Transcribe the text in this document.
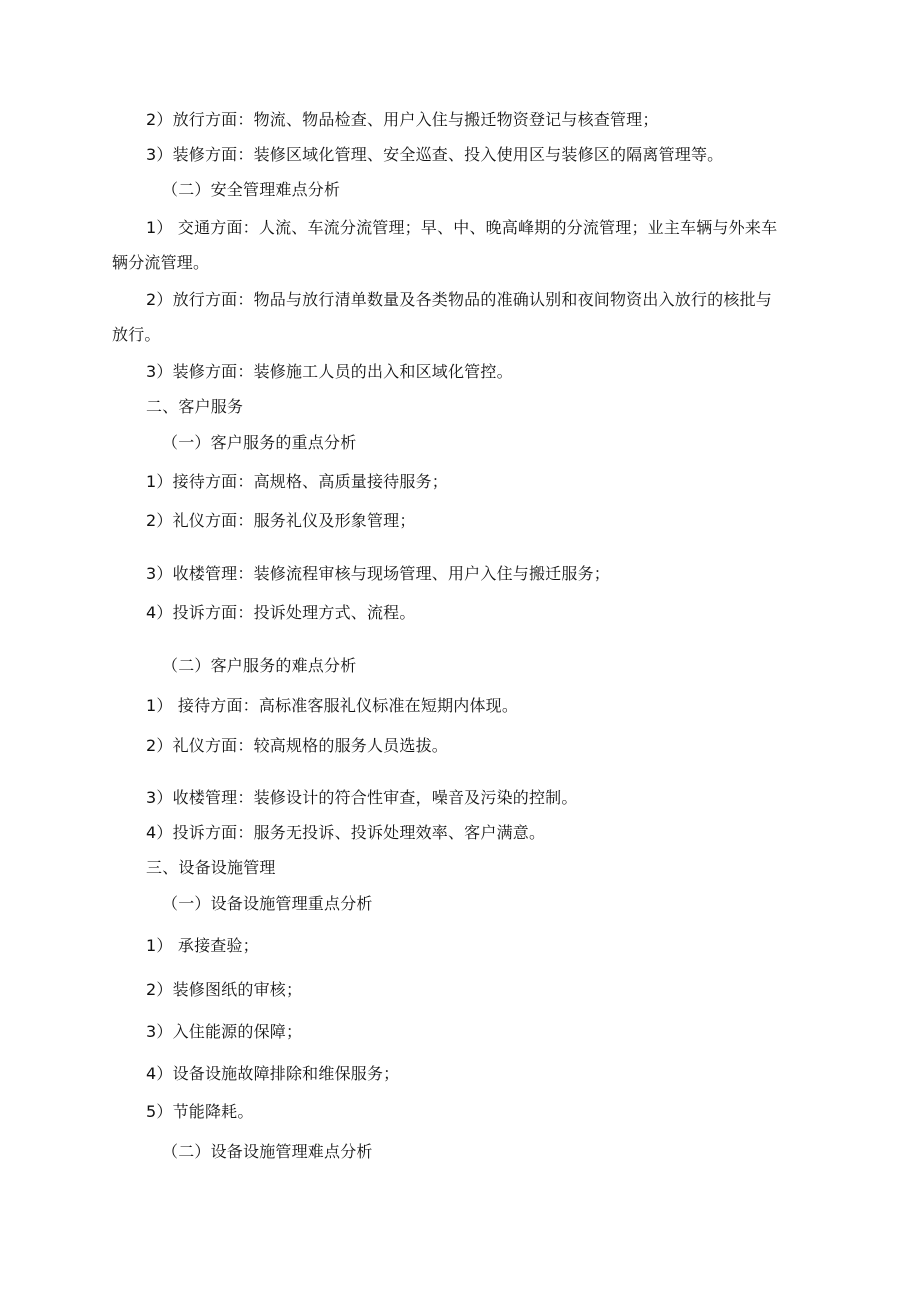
2）放行方面：物流、物品检查、用户入住与搬迁物资登记与核查管理；
3）装修方面：装修区域化管理、安全巡查、投入使用区与装修区的隔离管理等。
（二）安全管理难点分析
1） 交通方面：人流、车流分流管理；早、中、晚高峰期的分流管理；业主车辆与外来车
辆分流管理。
2）放行方面：物品与放行清单数量及各类物品的准确认别和夜间物资出入放行的核批与
放行。
3）装修方面：装修施工人员的出入和区域化管控。
二、客户服务
（一）客户服务的重点分析
1）接待方面：高规格、高质量接待服务；
2）礼仪方面：服务礼仪及形象管理；
3）收楼管理：装修流程审核与现场管理、用户入住与搬迁服务；
4）投诉方面：投诉处理方式、流程。
（二）客户服务的难点分析
1） 接待方面：高标准客服礼仪标准在短期内体现。
2）礼仪方面：较高规格的服务人员选拔。
3）收楼管理：装修设计的符合性审查，噪音及污染的控制。
4）投诉方面：服务无投诉、投诉处理效率、客户满意。
三、设备设施管理
（一）设备设施管理重点分析
1） 承接查验；
2）装修图纸的审核；
3）入住能源的保障；
4）设备设施故障排除和维保服务；
5）节能降耗。
（二）设备设施管理难点分析
